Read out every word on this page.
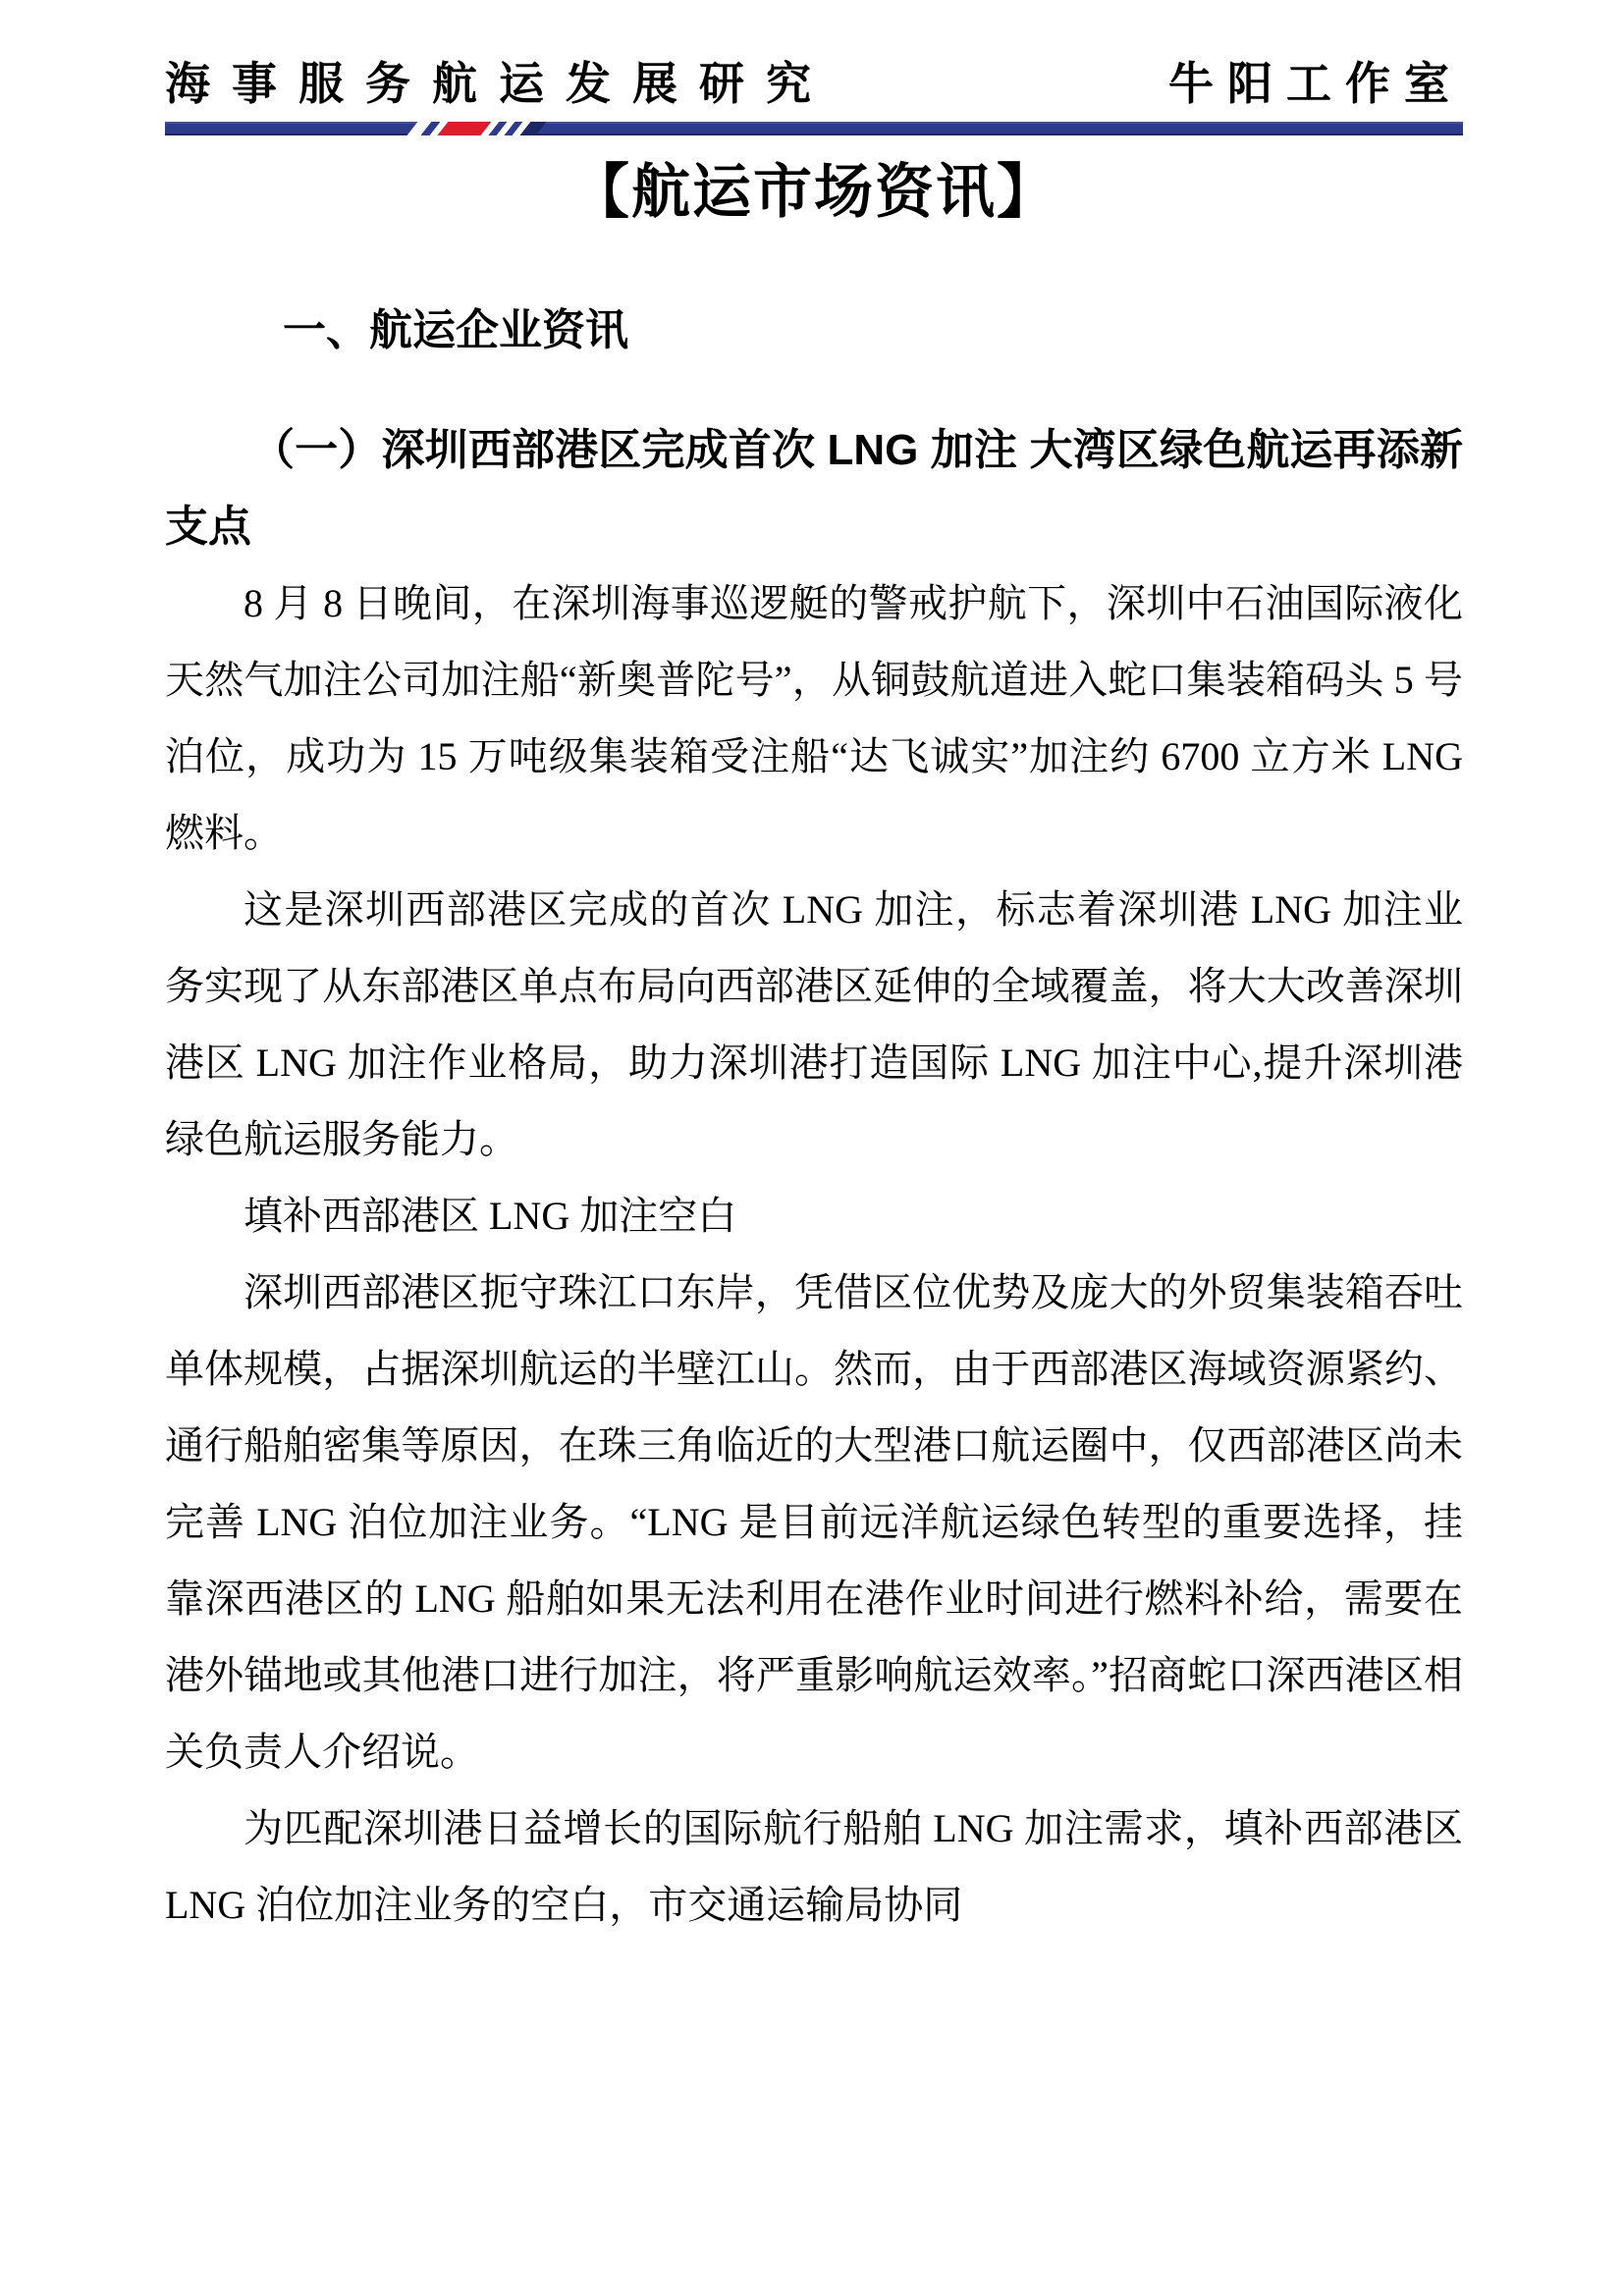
海事服务航运发展研究	牛阳工作室
【航运市场资讯】
一、航运企业资讯
（一）深圳西部港区完成首次 LNG 加注 大湾区绿色航运再添新支点

8 月 8 日晚间，在深圳海事巡逻艇的警戒护航下，深圳中石油国际液化天然气加注公司加注船“新奥普陀号”，从铜鼓航道进入蛇口集装箱码头 5 号泊位，成功为 15 万吨级集装箱受注船“达飞诚实”加注约 6700 立方米 LNG 燃料。

这是深圳西部港区完成的首次 LNG 加注，标志着深圳港 LNG 加注业务实现了从东部港区单点布局向西部港区延伸的全域覆盖，将大大改善深圳港区 LNG 加注作业格局，助力深圳港打造国际 LNG 加注中心,提升深圳港绿色航运服务能力。

填补西部港区 LNG 加注空白

深圳西部港区扼守珠江口东岸，凭借区位优势及庞大的外贸集装箱吞吐单体规模，占据深圳航运的半壁江山。然而，由于西部港区海域资源紧约、通行船舶密集等原因，在珠三角临近的大型港口航运圈中，仅西部港区尚未完善 LNG 泊位加注业务。“LNG 是目前远洋航运绿色转型的重要选择，挂靠深西港区的 LNG 船舶如果无法利用在港作业时间进行燃料补给，需要在港外锚地或其他港口进行加注，将严重影响航运效率。”招商蛇口深西港区相关负责人介绍说。

为匹配深圳港日益增长的国际航行船舶 LNG 加注需求，填补西部港区 LNG 泊位加注业务的空白，市交通运输局协同
